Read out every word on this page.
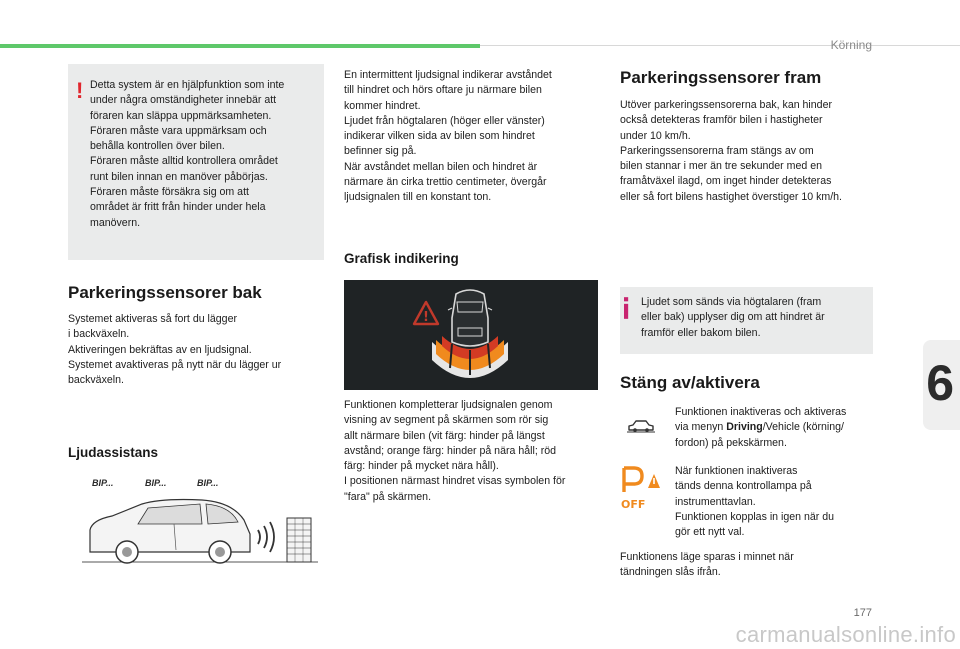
Körning
! Detta system är en hjälpfunktion som inte
under några omständigheter innebär att
föraren kan släppa uppmärksamheten.
Föraren måste vara uppmärksam och
behålla kontrollen över bilen.
Föraren måste alltid kontrollera området
runt bilen innan en manöver påbörjas.
Föraren måste försäkra sig om att
området är fritt från hinder under hela
manövern.
Parkeringssensorer bak
Systemet aktiveras så fort du lägger
i backväxeln.
Aktiveringen bekräftas av en ljudsignal.
Systemet avaktiveras på nytt när du lägger ur
backväxeln.
Ljudassistans
BIP...	BIP...	BIP...
En intermittent ljudsignal indikerar avståndet
till hindret och hörs oftare ju närmare bilen
kommer hindret.
Ljudet från högtalaren (höger eller vänster)
indikerar vilken sida av bilen som hindret
befinner sig på.
När avståndet mellan bilen och hindret är
närmare än cirka trettio centimeter, övergår
ljudsignalen till en konstant ton.
Grafisk indikering
!
Funktionen kompletterar ljudsignalen genom
visning av segment på skärmen som rör sig
allt närmare bilen (vit färg: hinder på längst
avstånd; orange färg: hinder på nära håll; röd
färg: hinder på mycket nära håll).
I positionen närmast hindret visas symbolen för
"fara" på skärmen.
Parkeringssensorer fram
Utöver parkeringssensorerna bak, kan hinder
också detekteras framför bilen i hastigheter
under 10 km/h.
Parkeringssensorerna fram stängs av om
bilen stannar i mer än tre sekunder med en
framåtväxel ilagd, om inget hinder detekteras
eller så fort bilens hastighet överstiger 10 km/h.
Ljudet som sänds via högtalaren (fram
eller bak) upplyser dig om att hindret är
framför eller bakom bilen.
Stäng av/aktivera
Funktionen inaktiveras och aktiveras
via menyn Driving/Vehicle (körning/
fordon) på pekskärmen.
OFF
När funktionen inaktiveras
tänds denna kontrollampa på
instrumenttavlan.
Funktionen kopplas in igen när du
gör ett nytt val.
Funktionens läge sparas i minnet när
tändningen slås ifrån.
6
177
carmanualsonline.info
